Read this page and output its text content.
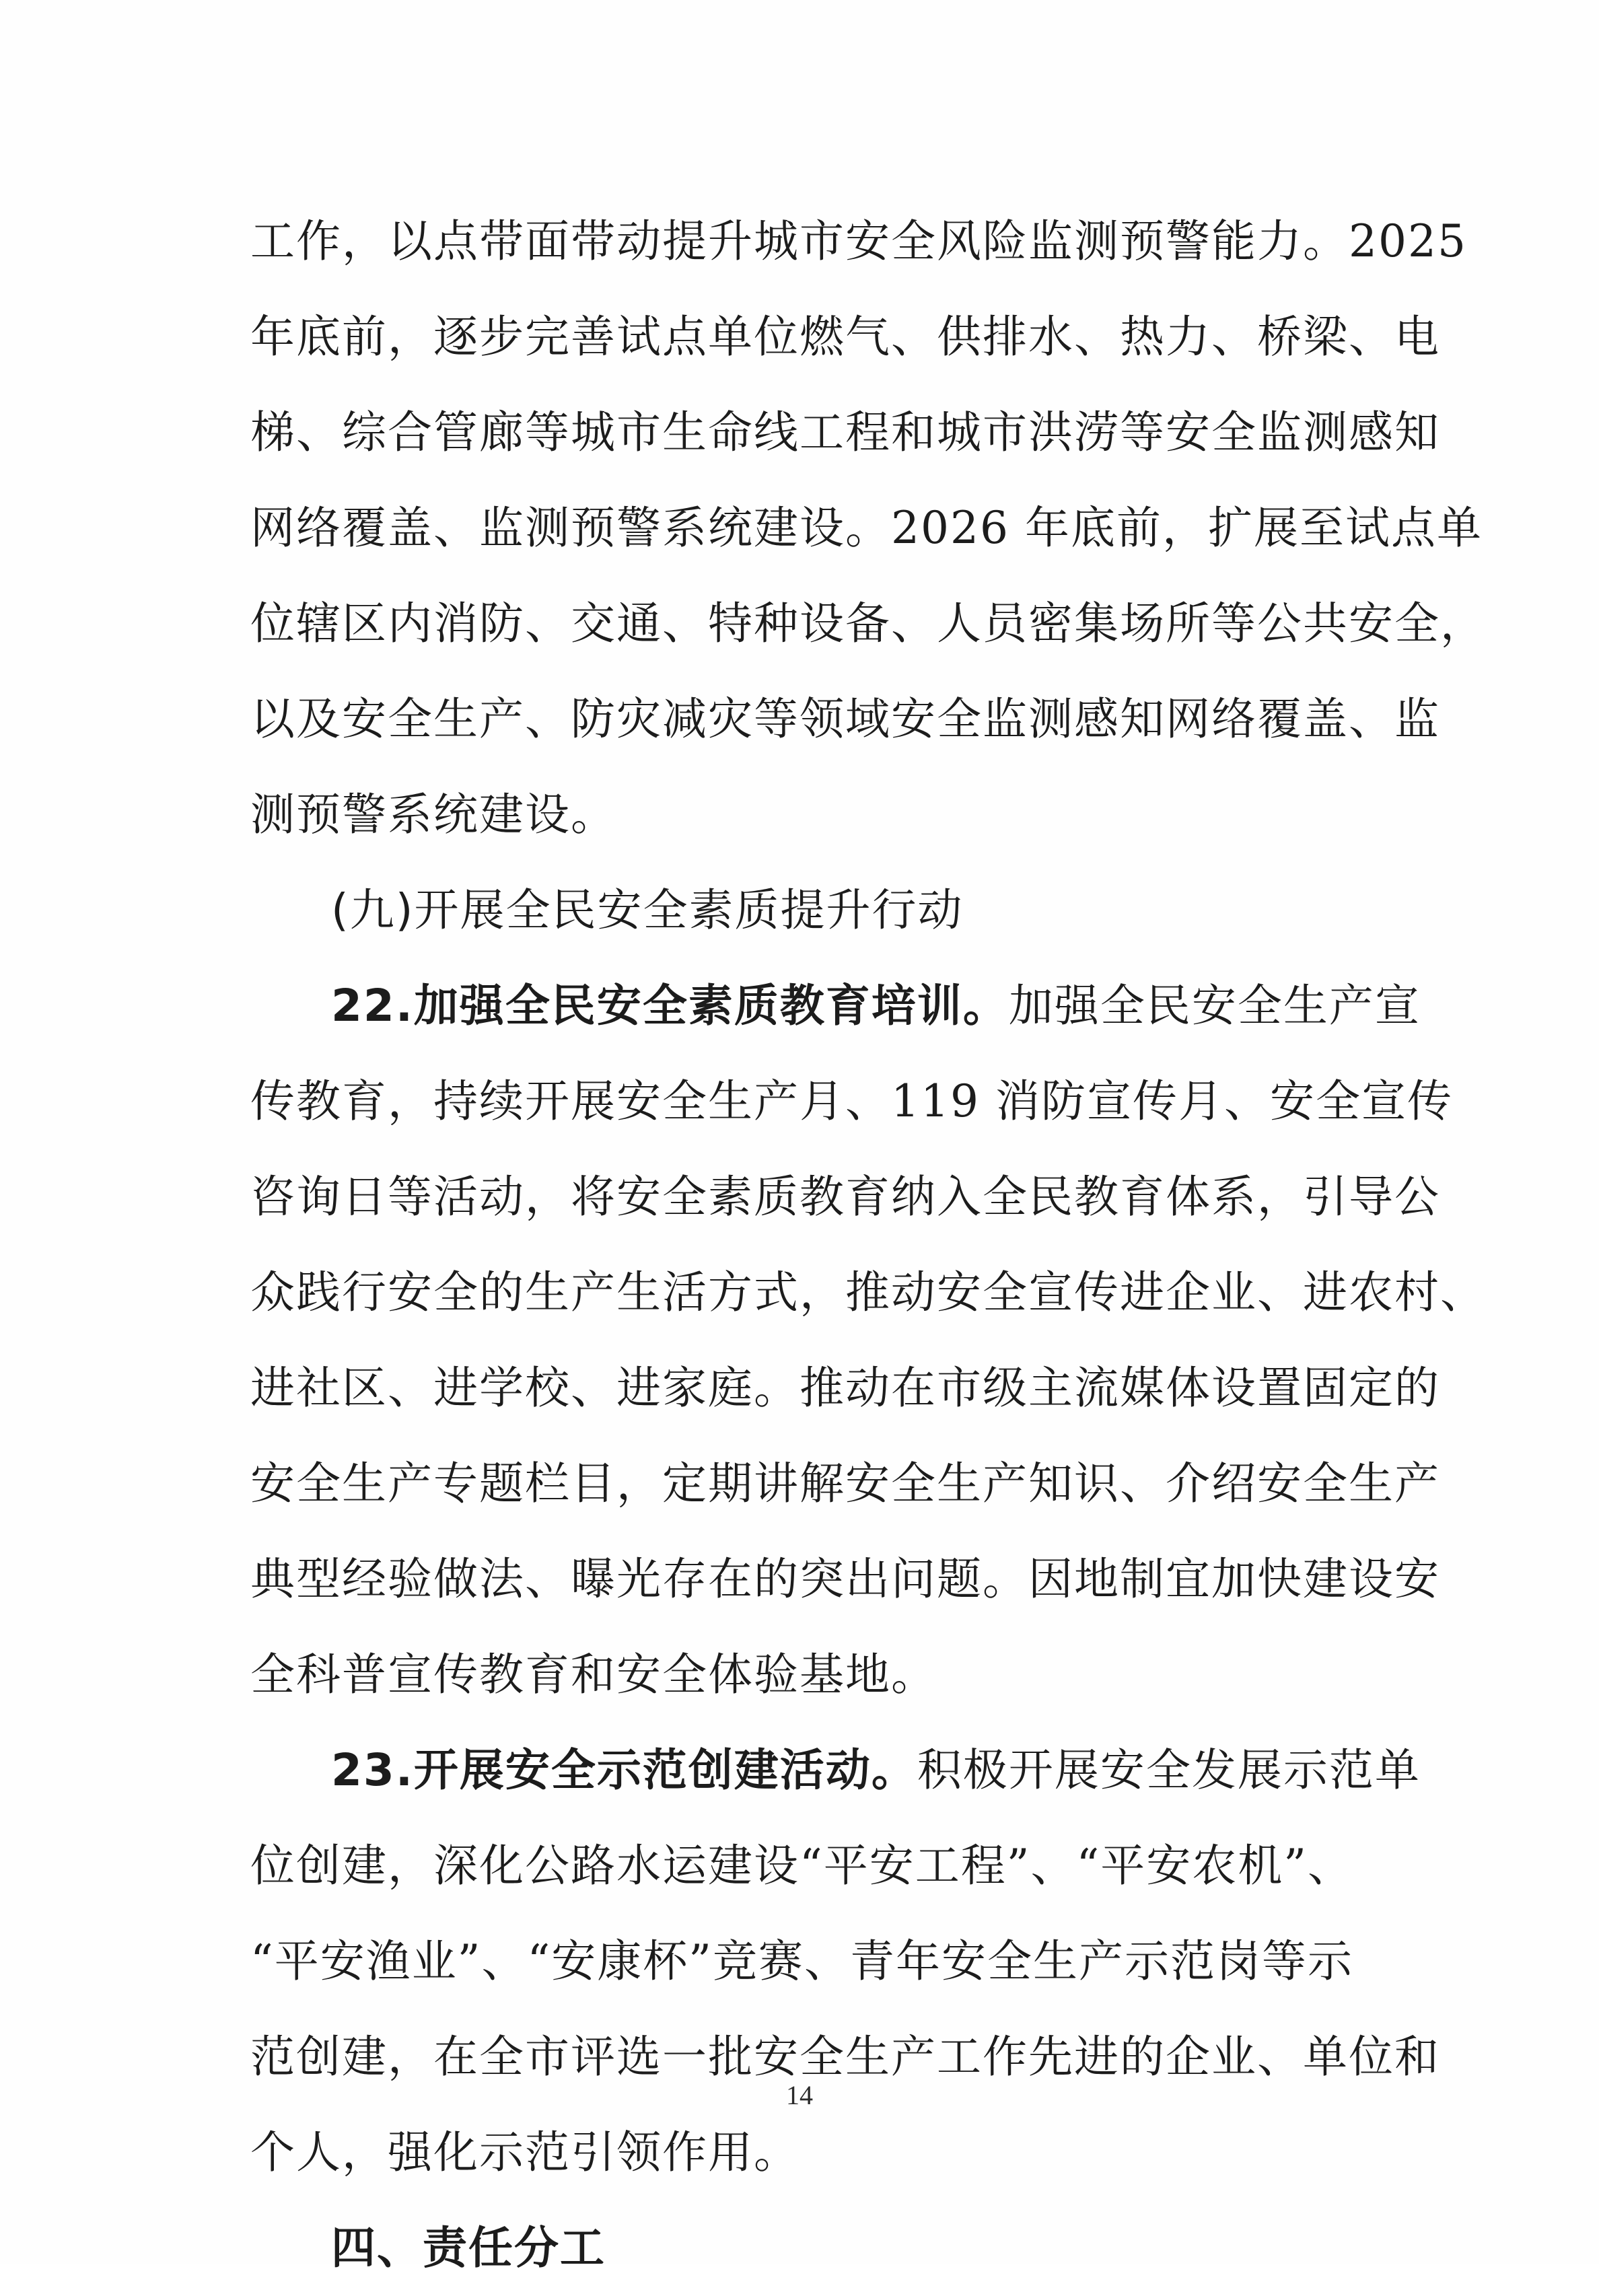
工作，以点带面带动提升城市安全风险监测预警能力。2025
年底前，逐步完善试点单位燃气、供排水、热力、桥梁、电
梯、综合管廊等城市生命线工程和城市洪涝等安全监测感知
网络覆盖、监测预警系统建设。2026 年底前，扩展至试点单
位辖区内消防、交通、特种设备、人员密集场所等公共安全，
以及安全生产、防灾减灾等领域安全监测感知网络覆盖、监
测预警系统建设。
(九)开展全民安全素质提升行动
22.加强全民安全素质教育培训。加强全民安全生产宣
传教育，持续开展安全生产月、119 消防宣传月、安全宣传
咨询日等活动，将安全素质教育纳入全民教育体系，引导公
众践行安全的生产生活方式，推动安全宣传进企业、进农村、
进社区、进学校、进家庭。推动在市级主流媒体设置固定的
安全生产专题栏目，定期讲解安全生产知识、介绍安全生产
典型经验做法、曝光存在的突出问题。因地制宜加快建设安
全科普宣传教育和安全体验基地。
23.开展安全示范创建活动。积极开展安全发展示范单
位创建，深化公路水运建设“平安工程”、“平安农机”、
“平安渔业”、“安康杯”竞赛、青年安全生产示范岗等示
范创建，在全市评选一批安全生产工作先进的企业、单位和
个人，强化示范引领作用。
四、责任分工
14
